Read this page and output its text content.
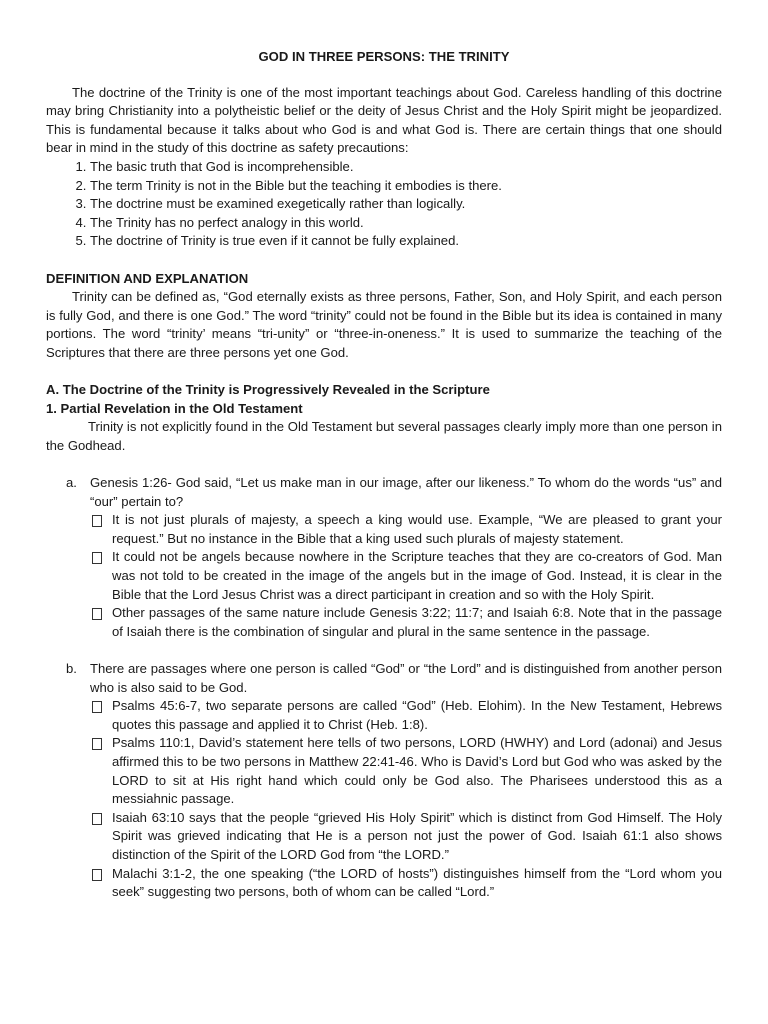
GOD IN THREE PERSONS: THE TRINITY

The doctrine of the Trinity is one of the most important teachings about God. Careless handling of this doctrine may bring Christianity into a polytheistic belief or the deity of Jesus Christ and the Holy Spirit might be jeopardized. This is fundamental because it talks about who God is and what God is. There are certain things that one should bear in mind in the study of this doctrine as safety precautions:

1. The basic truth that God is incomprehensible.
2. The term Trinity is not in the Bible but the teaching it embodies is there.
3. The doctrine must be examined exegetically rather than logically.
4. The Trinity has no perfect analogy in this world.
5. The doctrine of Trinity is true even if it cannot be fully explained.
DEFINITION AND EXPLANATION

Trinity can be defined as, “God eternally exists as three persons, Father, Son, and Holy Spirit, and each person is fully God, and there is one God.” The word “trinity” could not be found in the Bible but its idea is contained in many portions. The word “trinity’ means “tri-unity” or “three-in-oneness.” It is used to summarize the teaching of the Scriptures that there are three persons yet one God.

A. The Doctrine of the Trinity is Progressively Revealed in the Scripture
1. Partial Revelation in the Old Testament

Trinity is not explicitly found in the Old Testament but several passages clearly imply more than one person in the Godhead.

a. Genesis 1:26- God said, “Let us make man in our image, after our likeness.” To whom do the words “us” and “our” pertain to?
It is not just plurals of majesty, a speech a king would use. Example, “We are pleased to grant your request.” But no instance in the Bible that a king used such plurals of majesty statement.
It could not be angels because nowhere in the Scripture teaches that they are co-creators of God. Man was not told to be created in the image of the angels but in the image of God. Instead, it is clear in the Bible that the Lord Jesus Christ was a direct participant in creation and so with the Holy Spirit.
Other passages of the same nature include Genesis 3:22; 11:7; and Isaiah 6:8. Note that in the passage of Isaiah there is the combination of singular and plural in the same sentence in the passage.
b. There are passages where one person is called “God” or “the Lord” and is distinguished from another person who is also said to be God.
Psalms 45:6-7, two separate persons are called “God” (Heb. Elohim). In the New Testament, Hebrews quotes this passage and applied it to Christ (Heb. 1:8).
Psalms 110:1, David’s statement here tells of two persons, LORD (HWHY) and Lord (adonai) and Jesus affirmed this to be two persons in Matthew 22:41-46. Who is David’s Lord but God who was asked by the LORD to sit at His right hand which could only be God also. The Pharisees understood this as a messiahnic passage.
Isaiah 63:10 says that the people “grieved His Holy Spirit” which is distinct from God Himself. The Holy Spirit was grieved indicating that He is a person not just the power of God. Isaiah 61:1 also shows distinction of the Spirit of the LORD God from “the LORD.”
Malachi 3:1-2, the one speaking (“the LORD of hosts”) distinguishes himself from the “Lord whom you seek” suggesting two persons, both of whom can be called “Lord.”
